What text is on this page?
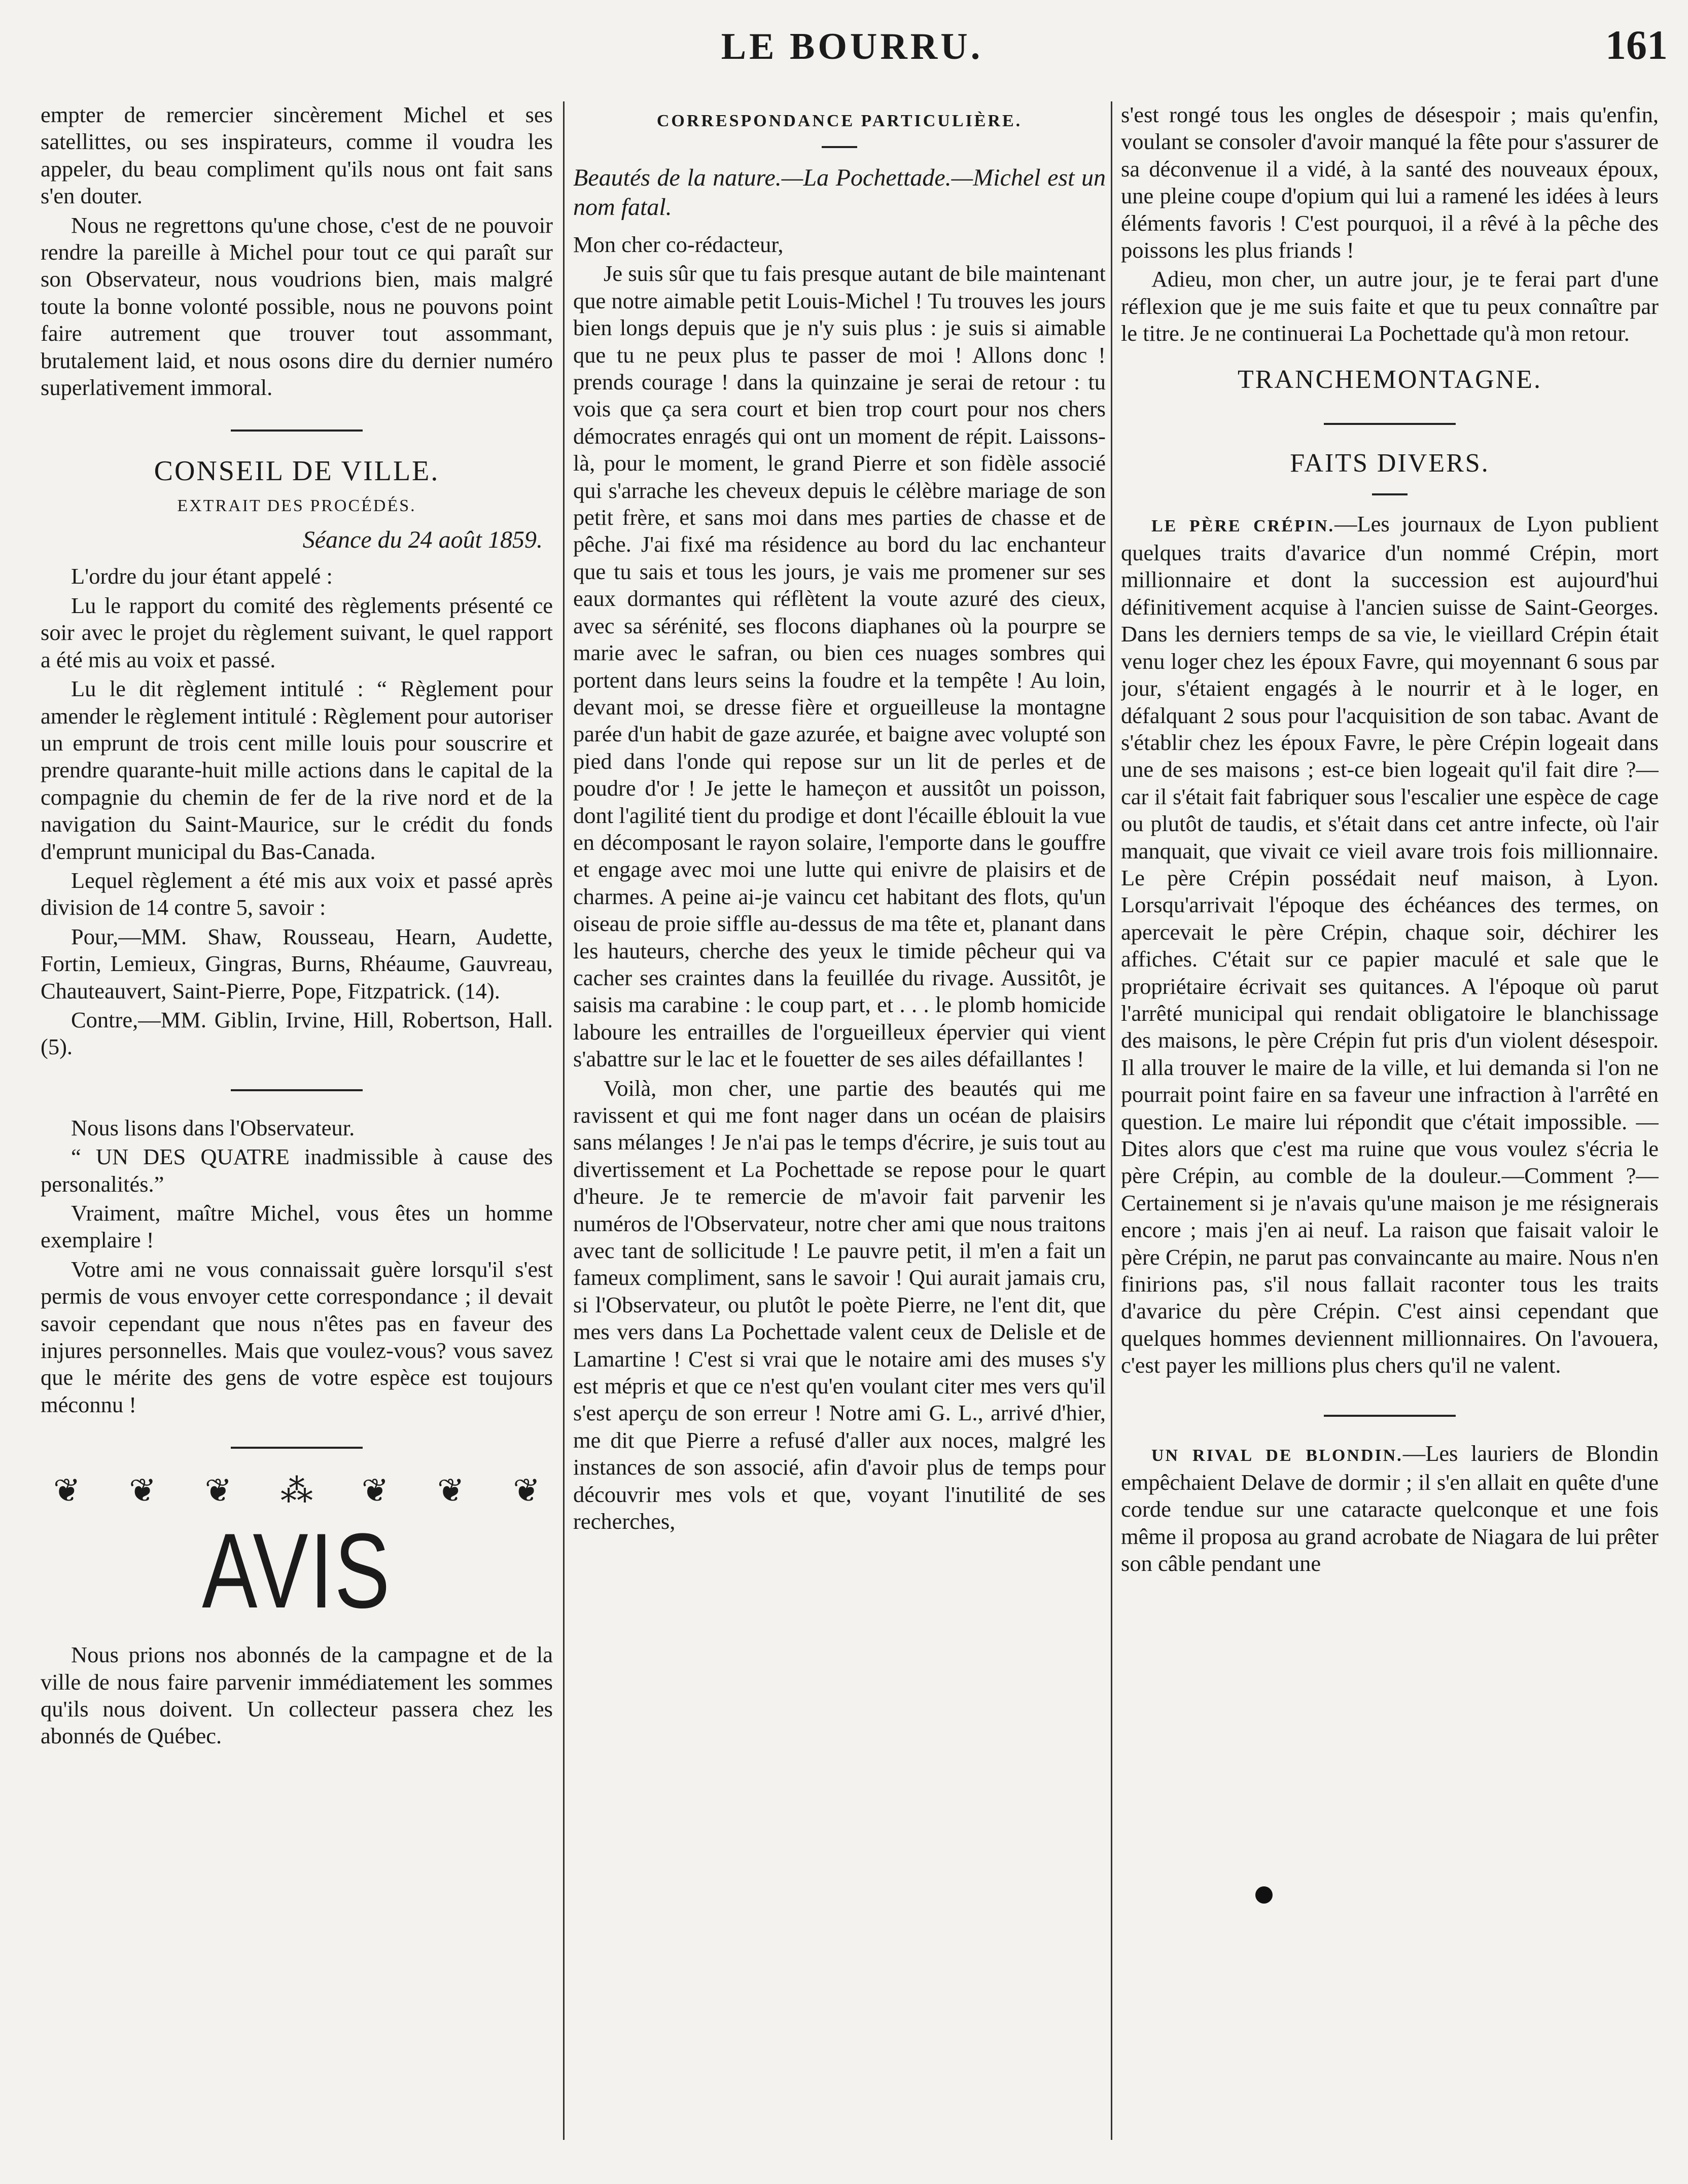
LE BOURRU.	161

empter de remercier sincèrement Michel et ses satellittes, ou ses inspirateurs, comme il voudra les appeler, du beau compliment qu'ils nous ont fait sans s'en douter.

Nous ne regrettons qu'une chose, c'est de ne pouvoir rendre la pareille à Michel pour tout ce qui paraît sur son Observateur, nous voudrions bien, mais malgré toute la bonne volonté possible, nous ne pouvons point faire autrement que trouver tout assommant, brutalement laid, et nous osons dire du dernier numéro superlativement immoral.

CONSEIL DE VILLE.
EXTRAIT DES PROCÉDÉS.
Séance du 24 août 1859.

L'ordre du jour étant appelé :

Lu le rapport du comité des règlements présenté ce soir avec le projet du règlement suivant, le quel rapport a été mis au voix et passé.

Lu le dit règlement intitulé : “ Règlement pour amender le règlement intitulé : Règlement pour autoriser un emprunt de trois cent mille louis pour souscrire et prendre quarante-huit mille actions dans le capital de la compagnie du chemin de fer de la rive nord et de la navigation du Saint-Maurice, sur le crédit du fonds d'emprunt municipal du Bas-Canada.

Lequel règlement a été mis aux voix et passé après division de 14 contre 5, savoir :

Pour,—MM. Shaw, Rousseau, Hearn, Audette, Fortin, Lemieux, Gingras, Burns, Rhéaume, Gauvreau, Chauteauvert, Saint-Pierre, Pope, Fitzpatrick. (14).

Contre,—MM. Giblin, Irvine, Hill, Robertson, Hall. (5).

Nous lisons dans l'Observateur.

“ UN DES QUATRE inadmissible à cause des personalités.”

Vraiment, maître Michel, vous êtes un homme exemplaire !

Votre ami ne vous connaissait guère lorsqu'il s'est permis de vous envoyer cette correspondance ; il devait savoir cependant que nous n'êtes pas en faveur des injures personnelles. Mais que voulez-vous? vous savez que le mérite des gens de votre espèce est toujours méconnu !

❦ ❦ ❦ ⁂ ❦ ❦ ❦
AVIS

Nous prions nos abonnés de la campagne et de la ville de nous faire parvenir immédiatement les sommes qu'ils nous doivent. Un collecteur passera chez les abonnés de Québec.

CORRESPONDANCE PARTICULIÈRE.

Beautés de la nature.—La Pochettade.—Michel est un nom fatal.

Mon cher co-rédacteur,

Je suis sûr que tu fais presque autant de bile maintenant que notre aimable petit Louis-Michel ! Tu trouves les jours bien longs depuis que je n'y suis plus : je suis si aimable que tu ne peux plus te passer de moi ! Allons donc ! prends courage ! dans la quinzaine je serai de retour : tu vois que ça sera court et bien trop court pour nos chers démocrates enragés qui ont un moment de répit. Laissons-là, pour le moment, le grand Pierre et son fidèle associé qui s'arrache les cheveux depuis le célèbre mariage de son petit frère, et sans moi dans mes parties de chasse et de pêche. J'ai fixé ma résidence au bord du lac enchanteur que tu sais et tous les jours, je vais me promener sur ses eaux dormantes qui réflètent la voute azuré des cieux, avec sa sérénité, ses flocons diaphanes où la pourpre se marie avec le safran, ou bien ces nuages sombres qui portent dans leurs seins la foudre et la tempête ! Au loin, devant moi, se dresse fière et orgueilleuse la montagne parée d'un habit de gaze azurée, et baigne avec volupté son pied dans l'onde qui repose sur un lit de perles et de poudre d'or ! Je jette le hameçon et aussitôt un poisson, dont l'agilité tient du prodige et dont l'écaille éblouit la vue en décomposant le rayon solaire, l'emporte dans le gouffre et engage avec moi une lutte qui enivre de plaisirs et de charmes. A peine ai-je vaincu cet habitant des flots, qu'un oiseau de proie siffle au-dessus de ma tête et, planant dans les hauteurs, cherche des yeux le timide pêcheur qui va cacher ses craintes dans la feuillée du rivage. Aussitôt, je saisis ma carabine : le coup part, et . . . le plomb homicide laboure les entrailles de l'orgueilleux épervier qui vient s'abattre sur le lac et le fouetter de ses ailes défaillantes !

Voilà, mon cher, une partie des beautés qui me ravissent et qui me font nager dans un océan de plaisirs sans mélanges ! Je n'ai pas le temps d'écrire, je suis tout au divertissement et La Pochettade se repose pour le quart d'heure. Je te remercie de m'avoir fait parvenir les numéros de l'Observateur, notre cher ami que nous traitons avec tant de sollicitude ! Le pauvre petit, il m'en a fait un fameux compliment, sans le savoir ! Qui aurait jamais cru, si l'Observateur, ou plutôt le poète Pierre, ne l'ent dit, que mes vers dans La Pochettade valent ceux de Delisle et de Lamartine ! C'est si vrai que le notaire ami des muses s'y est mépris et que ce n'est qu'en voulant citer mes vers qu'il s'est aperçu de son erreur ! Notre ami G. L., arrivé d'hier, me dit que Pierre a refusé d'aller aux noces, malgré les instances de son associé, afin d'avoir plus de temps pour découvrir mes vols et que, voyant l'inutilité de ses recherches,

s'est rongé tous les ongles de désespoir ; mais qu'enfin, voulant se consoler d'avoir manqué la fête pour s'assurer de sa déconvenue il a vidé, à la santé des nouveaux époux, une pleine coupe d'opium qui lui a ramené les idées à leurs éléments favoris ! C'est pourquoi, il a rêvé à la pêche des poissons les plus friands !

Adieu, mon cher, un autre jour, je te ferai part d'une réflexion que je me suis faite et que tu peux connaître par le titre. Je ne continuerai La Pochettade qu'à mon retour.

TRANCHEMONTAGNE.
FAITS DIVERS.

LE PÈRE CRÉPIN.—Les journaux de Lyon publient quelques traits d'avarice d'un nommé Crépin, mort millionnaire et dont la succession est aujourd'hui définitivement acquise à l'ancien suisse de Saint-Georges. Dans les derniers temps de sa vie, le vieillard Crépin était venu loger chez les époux Favre, qui moyennant 6 sous par jour, s'étaient engagés à le nourrir et à le loger, en défalquant 2 sous pour l'acquisition de son tabac. Avant de s'établir chez les époux Favre, le père Crépin logeait dans une de ses maisons ; est-ce bien logeait qu'il fait dire ?—car il s'était fait fabriquer sous l'escalier une espèce de cage ou plutôt de taudis, et s'était dans cet antre infecte, où l'air manquait, que vivait ce vieil avare trois fois millionnaire. Le père Crépin possédait neuf maison, à Lyon. Lorsqu'arrivait l'époque des échéances des termes, on apercevait le père Crépin, chaque soir, déchirer les affiches. C'était sur ce papier maculé et sale que le propriétaire écrivait ses quitances. A l'époque où parut l'arrêté municipal qui rendait obligatoire le blanchissage des maisons, le père Crépin fut pris d'un violent désespoir. Il alla trouver le maire de la ville, et lui demanda si l'on ne pourrait point faire en sa faveur une infraction à l'arrêté en question. Le maire lui répondit que c'était impossible. —Dites alors que c'est ma ruine que vous voulez s'écria le père Crépin, au comble de la douleur.—Comment ?—Certainement si je n'avais qu'une maison je me résignerais encore ; mais j'en ai neuf. La raison que faisait valoir le père Crépin, ne parut pas convaincante au maire. Nous n'en finirions pas, s'il nous fallait raconter tous les traits d'avarice du père Crépin. C'est ainsi cependant que quelques hommes deviennent millionnaires. On l'avouera, c'est payer les millions plus chers qu'il ne valent.

UN RIVAL DE BLONDIN.—Les lauriers de Blondin empêchaient Delave de dormir ; il s'en allait en quête d'une corde tendue sur une cataracte quelconque et une fois même il proposa au grand acrobate de Niagara de lui prêter son câble pendant une
